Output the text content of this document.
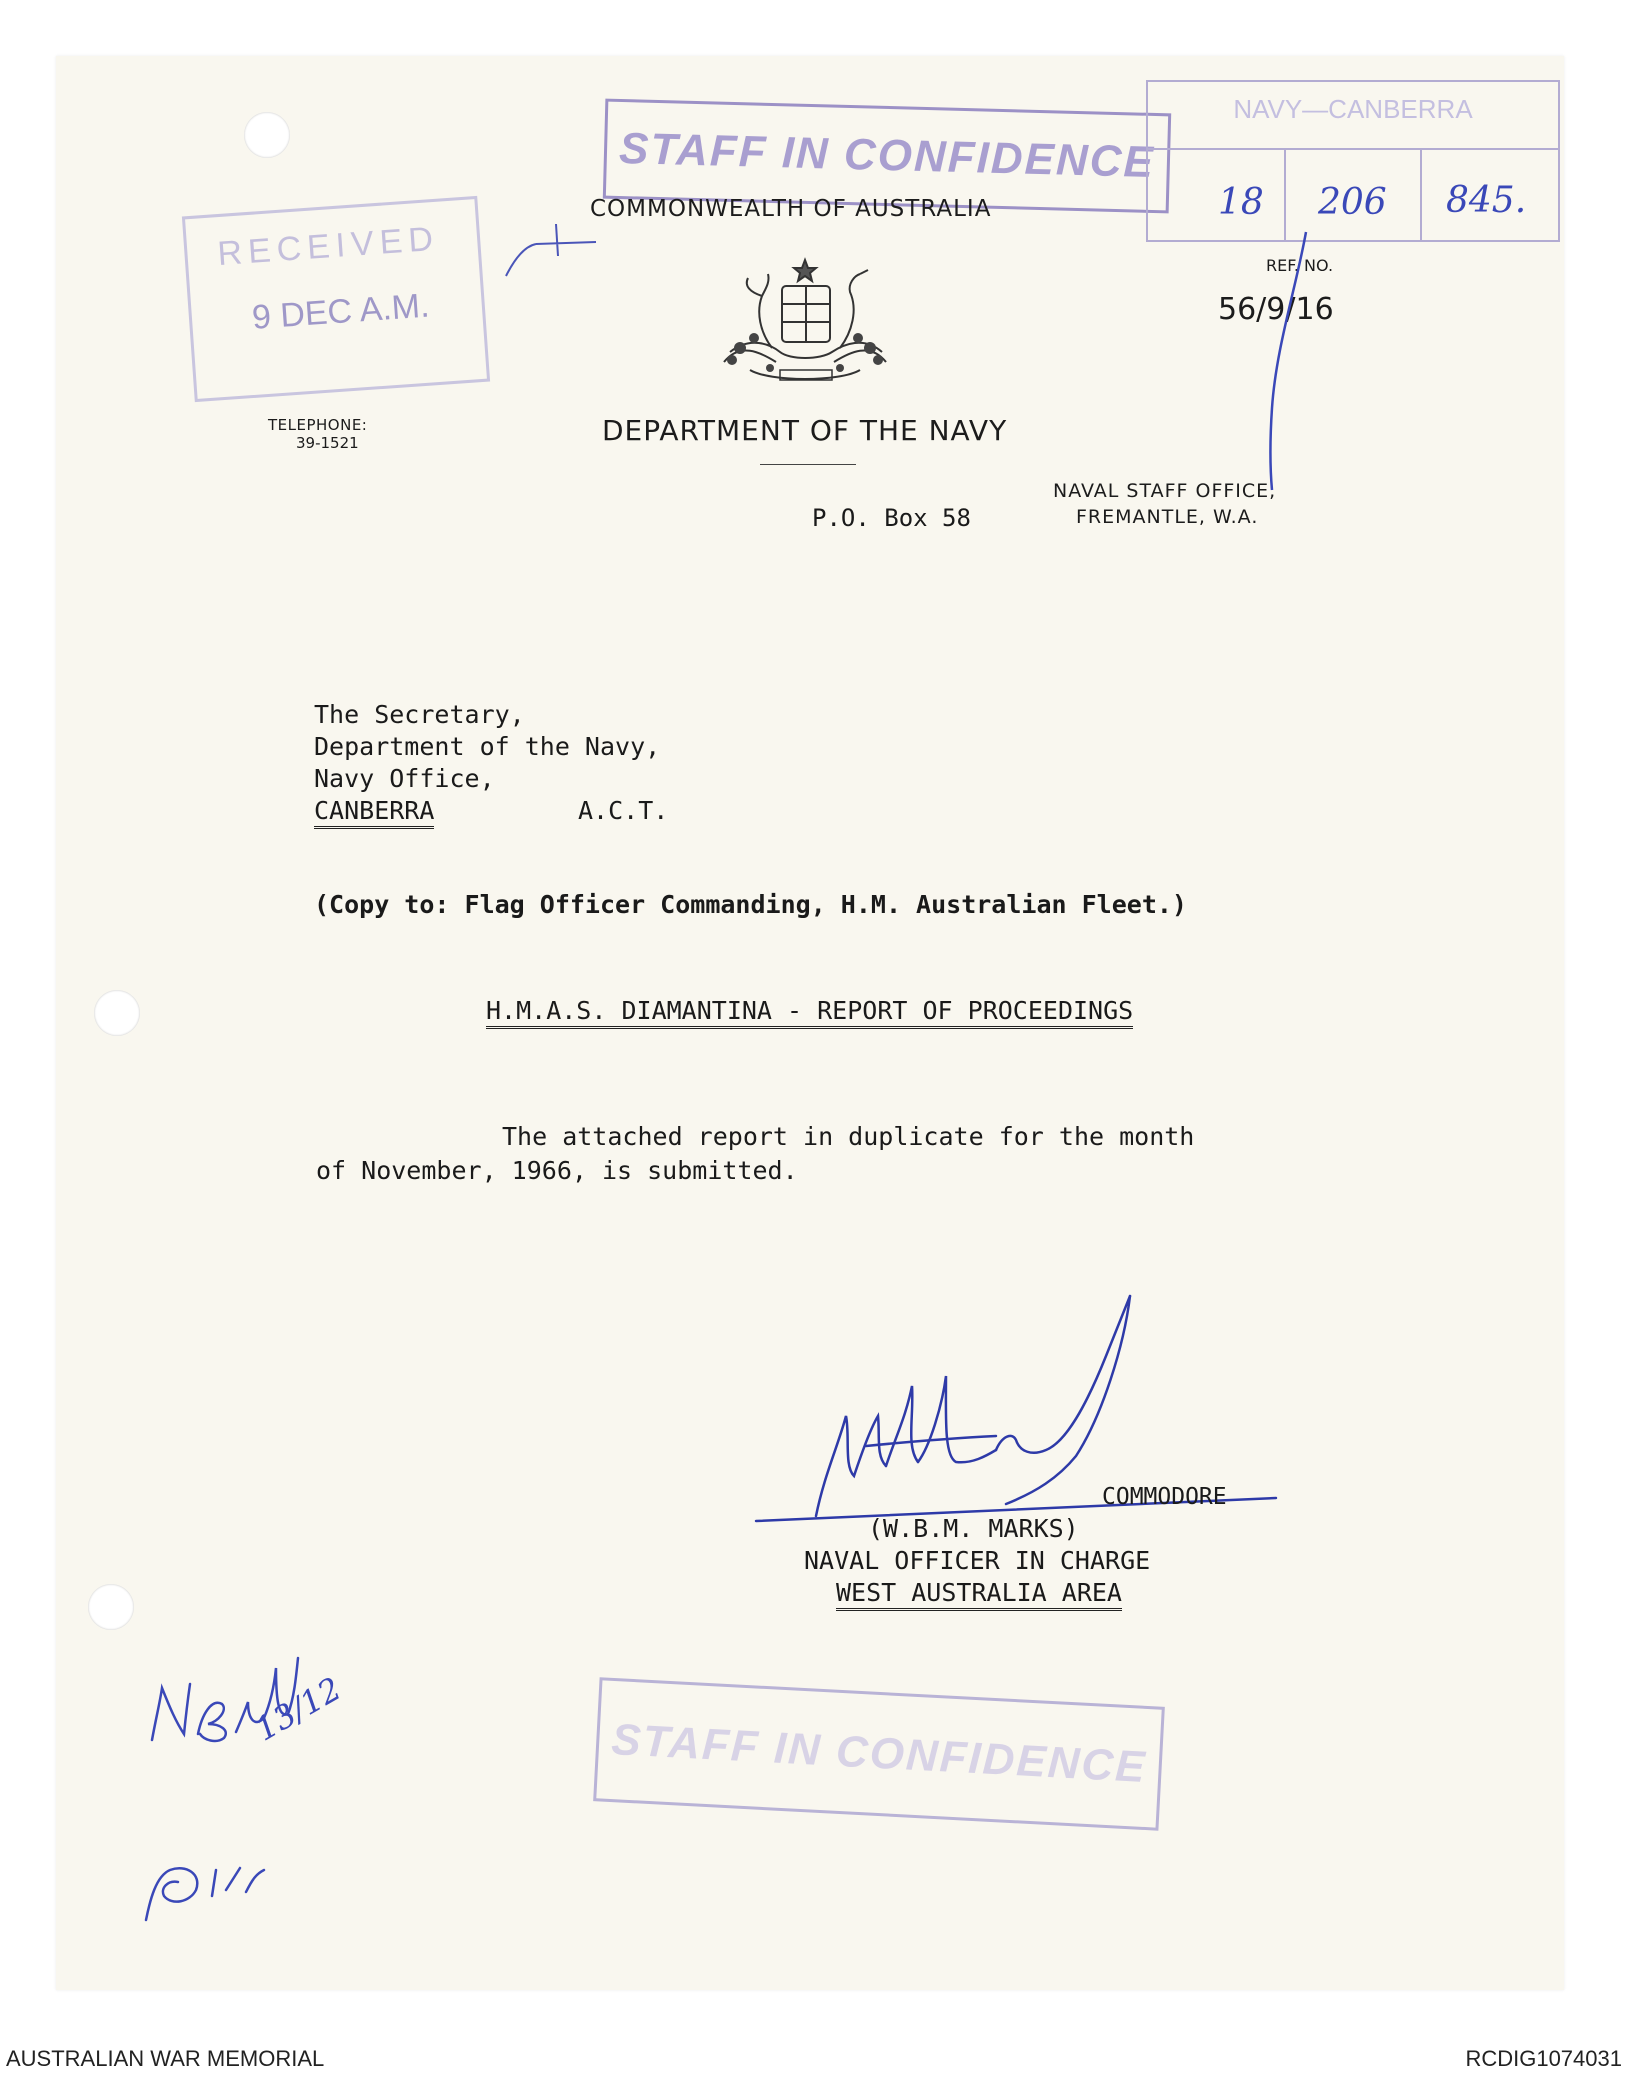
STAFF IN CONFIDENCE
NAVY—CANBERRA
18 206 845.
COMMONWEALTH OF AUSTRALIA
RECEIVED
9 DEC A.M.
REF. NO.
56/9/16
TELEPHONE:
39-1521	DEPARTMENT OF THE NAVY
P.O. Box 58
NAVAL STAFF OFFICE,
FREMANTLE, W.A.
The Secretary,
Department of the Navy,
Navy Office,
CANBERRA	A.C.T.
(Copy to: Flag Officer Commanding, H.M. Australian Fleet.)
H.M.A.S. DIAMANTINA - REPORT OF PROCEEDINGS
The attached report in duplicate for the month
of November, 1966, is submitted.
COMMODORE
(W.B.M. MARKS)
NAVAL OFFICER IN CHARGE
WEST AUSTRALIA AREA
13/12
STAFF IN CONFIDENCE
AUSTRALIAN WAR MEMORIAL	RCDIG1074031
